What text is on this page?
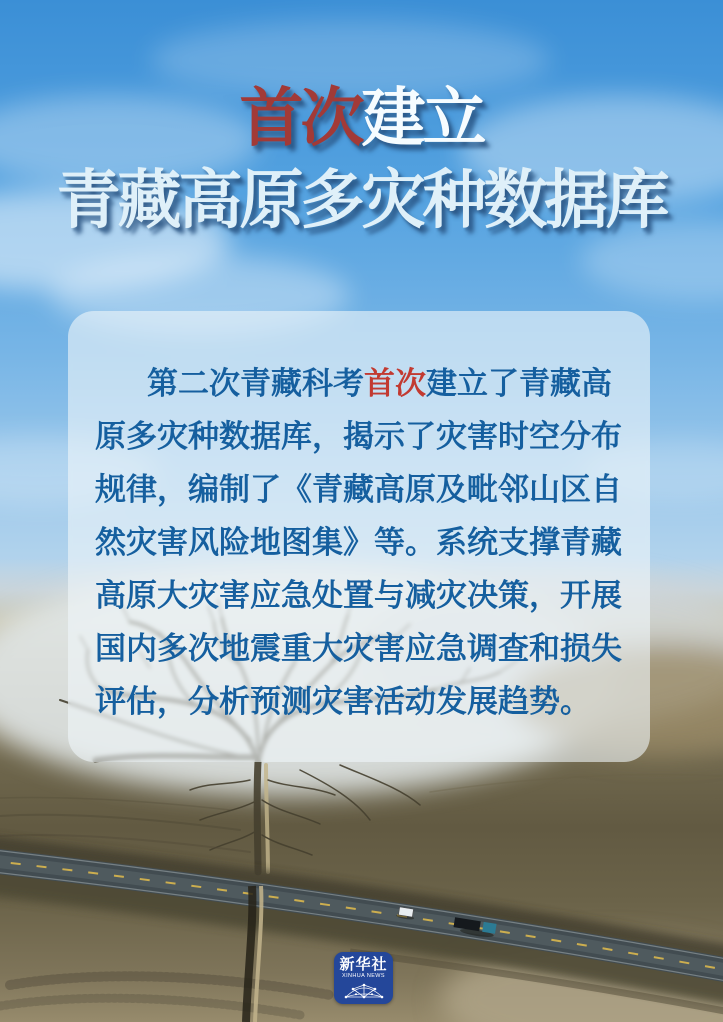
首次建立
青藏高原多灾种数据库
第二次青藏科考首次建立了青藏高
原多灾种数据库，揭示了灾害时空分布
规律，编制了《青藏高原及毗邻山区自
然灾害风险地图集》等。系统支撑青藏
高原大灾害应急处置与减灾决策，开展
国内多次地震重大灾害应急调查和损失
评估，分析预测灾害活动发展趋势。
新华社
XINHUA NEWS
